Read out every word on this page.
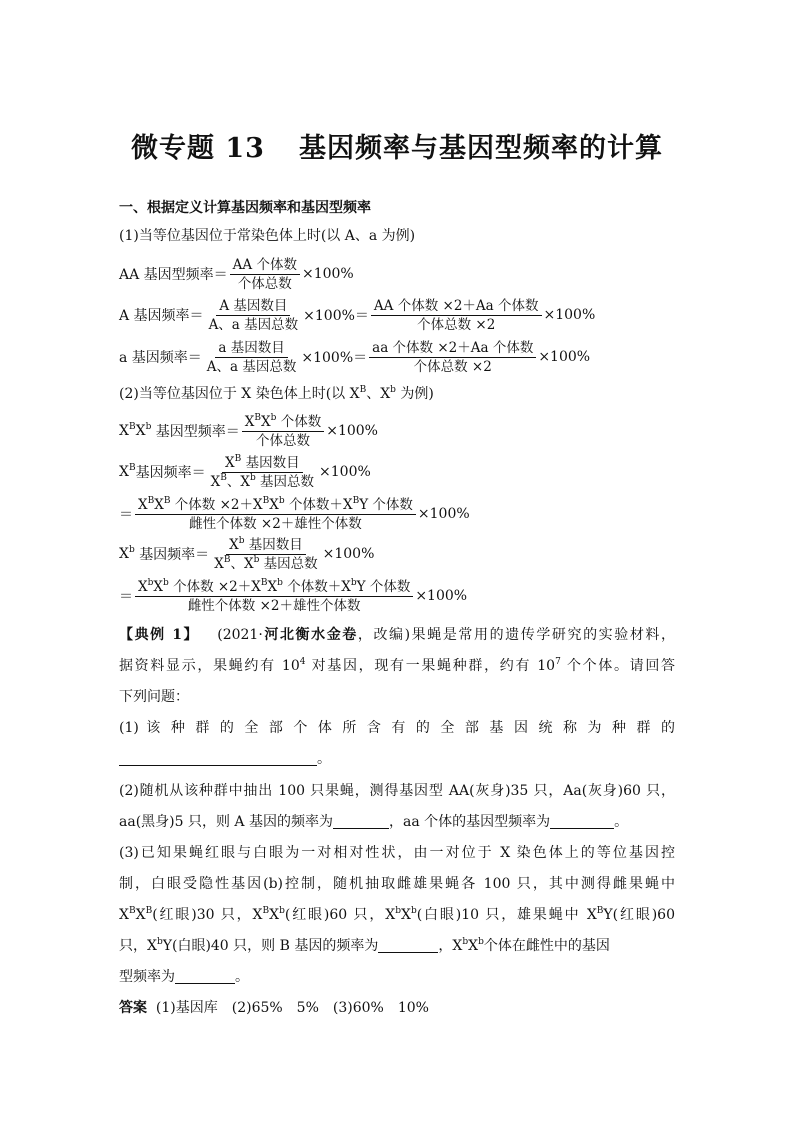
微专题 13 基因频率与基因型频率的计算
一、根据定义计算基因频率和基因型频率
(1)当等位基因位于常染色体上时(以 A、a 为例)
AA 基因型频率＝ $\frac{\text{AA 个体数}}{\text{个体总数}} \times 100\%$
A 基因频率＝ $\frac{\text{A 基因数目}}{\text{A、a 基因总数}} \times 100\%= \frac{\text{AA 个体数 ×2＋Aa 个体数}}{\text{个体总数 ×2}} \times 100\%$
a 基因频率＝ $\frac{\text{a 基因数目}}{\text{A、a 基因总数}} \times 100\%= \frac{\text{aa 个体数 ×2＋Aa 个体数}}{\text{个体总数 ×2}} \times 100\%$
(2)当等位基因位于 X 染色体上时(以 $X^B$、$X^b$ 为例)
$X^BX^b$ 基因型频率＝ $\frac{X^BX^b 个体数}{\text{个体总数}} \times 100\%$
$X^B$ 基因频率＝ $\frac{X^B 基因数目}{X^B、X^b 基因总数} \times 100\%$
＝ $\frac{X^BX^B 个体数 \times 2+X^BX^b 个体数+X^BY 个体数}{\text{雌性个体数 ×2＋雄性个体数}} \times 100\%$
$X^b$ 基因频率＝ $\frac{X^b 基因数目}{X^B、X^b 基因总数} \times 100\%$
＝ $\frac{X^bX^b 个体数 \times 2+X^BX^b 个体数+X^bY 个体数}{\text{雌性个体数 ×2＋雄性个体数}} \times 100\%$
【典例 1】 (2021·河北衡水金卷，改编)果蝇是常用的遗传学研究的实验材料，
据资料显示，果蝇约有 $10^4$ 对基因，现有一果蝇种群，约有 $10^7$ 个个体。请回答
下列问题：
(1) 该 种 群 的 全 部 个 体 所 含 有 的 全 部 基 因 统 称 为 种 群 的
。
(2)随机从该种群中抽出 100 只果蝇，测得基因型 AA(灰身)35 只，Aa(灰身)60 只，
aa(黑身)5 只，则 A 基因的频率为	，aa 个体的基因型频率为	。
(3)已知果蝇红眼与白眼为一对相对性状，由一对位于 X 染色体上的等位基因控
制，白眼受隐性基因(b)控制，随机抽取雌雄果蝇各 100 只，其中测得雌果蝇中
$X^BX^B$(红眼)30 只，$X^BX^b$(红眼)60 只，$X^bX^b$(白眼)10 只，雄果蝇中 $X^BY$(红眼)60
只，$X^bY$(白眼)40 只，则 B 基因的频率为	，$X^bX^b$个体在雌性中的基因
型频率为	。
答案 (1)基因库　(2)65%　5%　(3)60%　10%
